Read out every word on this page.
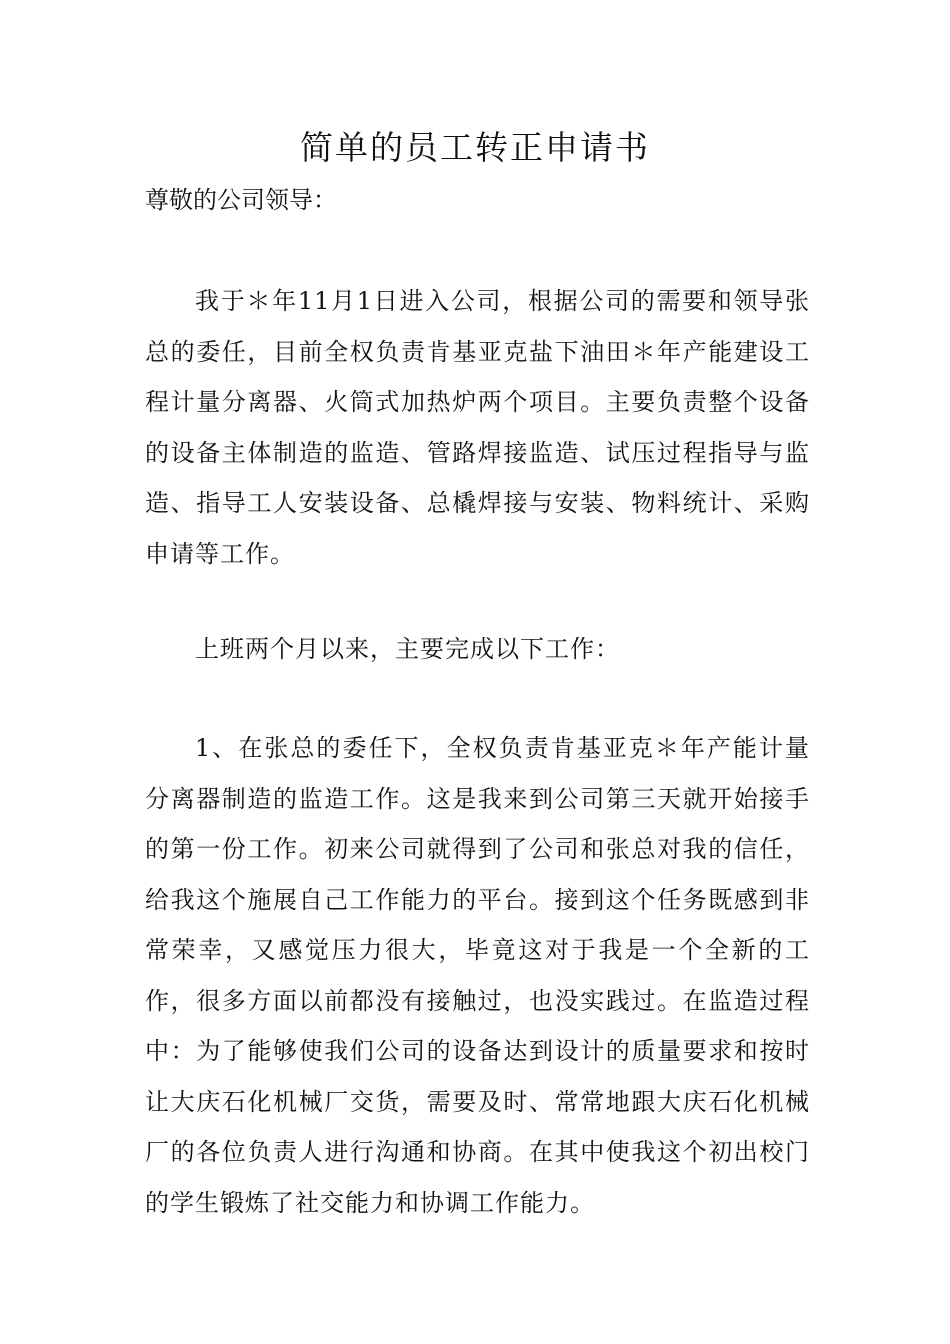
简单的员工转正申请书

尊敬的公司领导：

我于＊年11月1日进入公司，根据公司的需要和领导张总的委任，目前全权负责肯基亚克盐下油田＊年产能建设工程计量分离器、火筒式加热炉两个项目。主要负责整个设备的设备主体制造的监造、管路焊接监造、试压过程指导与监造、指导工人安装设备、总橇焊接与安装、物料统计、采购申请等工作。

上班两个月以来，主要完成以下工作：

1、在张总的委任下，全权负责肯基亚克＊年产能计量分离器制造的监造工作。这是我来到公司第三天就开始接手的第一份工作。初来公司就得到了公司和张总对我的信任，给我这个施展自己工作能力的平台。接到这个任务既感到非常荣幸，又感觉压力很大，毕竟这对于我是一个全新的工作，很多方面以前都没有接触过，也没实践过。在监造过程中：为了能够使我们公司的设备达到设计的质量要求和按时让大庆石化机械厂交货，需要及时、常常地跟大庆石化机械厂的各位负责人进行沟通和协商。在其中使我这个初出校门的学生锻炼了社交能力和协调工作能力。
